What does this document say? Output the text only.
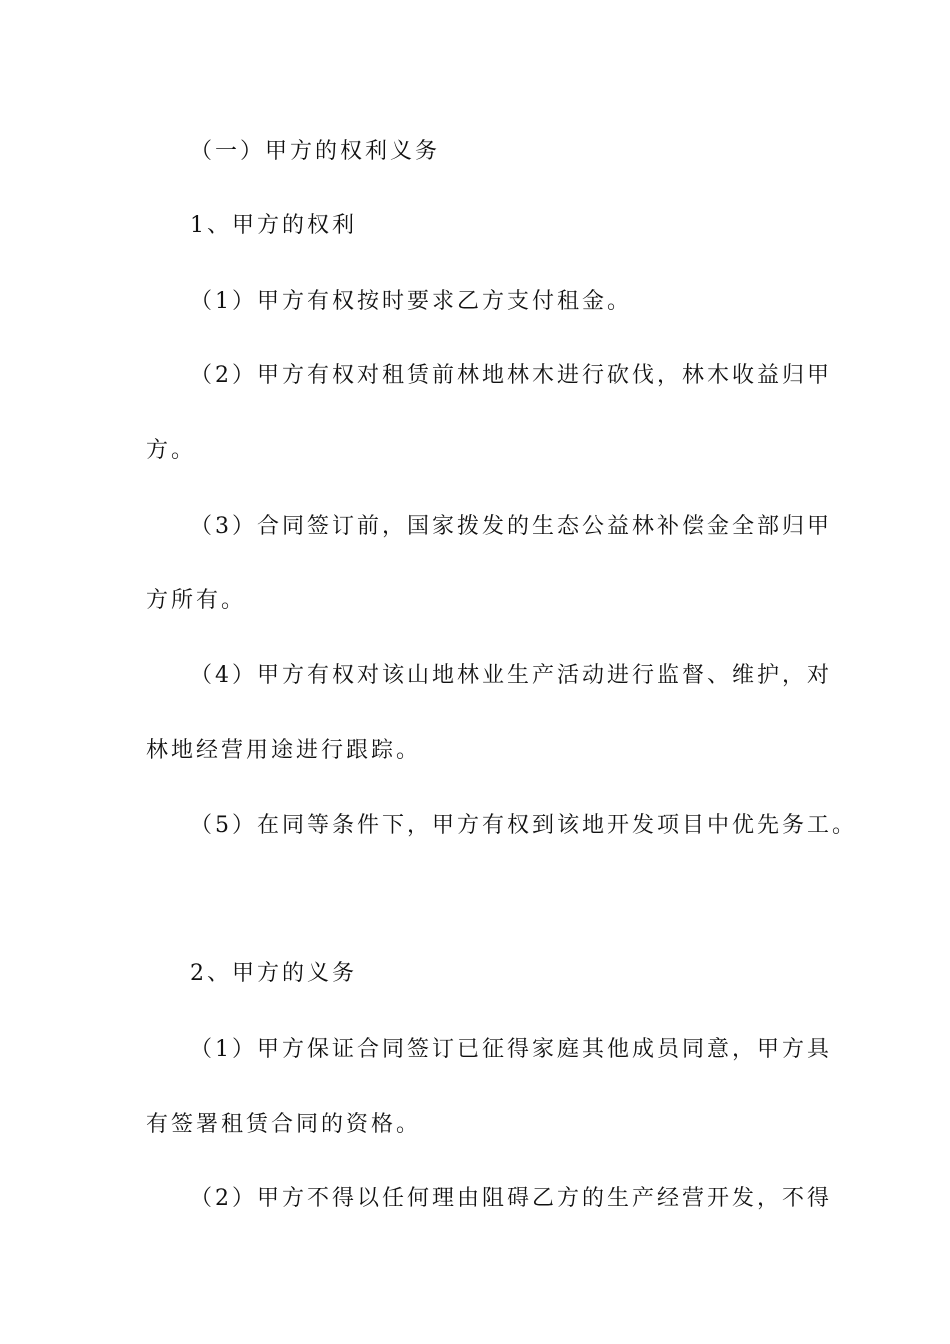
（一）甲方的权利义务
1、甲方的权利
（1）甲方有权按时要求乙方支付租金。
（2）甲方有权对租赁前林地林木进行砍伐，林木收益归甲
方。
（3）合同签订前，国家拨发的生态公益林补偿金全部归甲
方所有。
（4）甲方有权对该山地林业生产活动进行监督、维护，对
林地经营用途进行跟踪。
（5）在同等条件下，甲方有权到该地开发项目中优先务工。
2、甲方的义务
（1）甲方保证合同签订已征得家庭其他成员同意，甲方具
有签署租赁合同的资格。
（2）甲方不得以任何理由阻碍乙方的生产经营开发，不得
